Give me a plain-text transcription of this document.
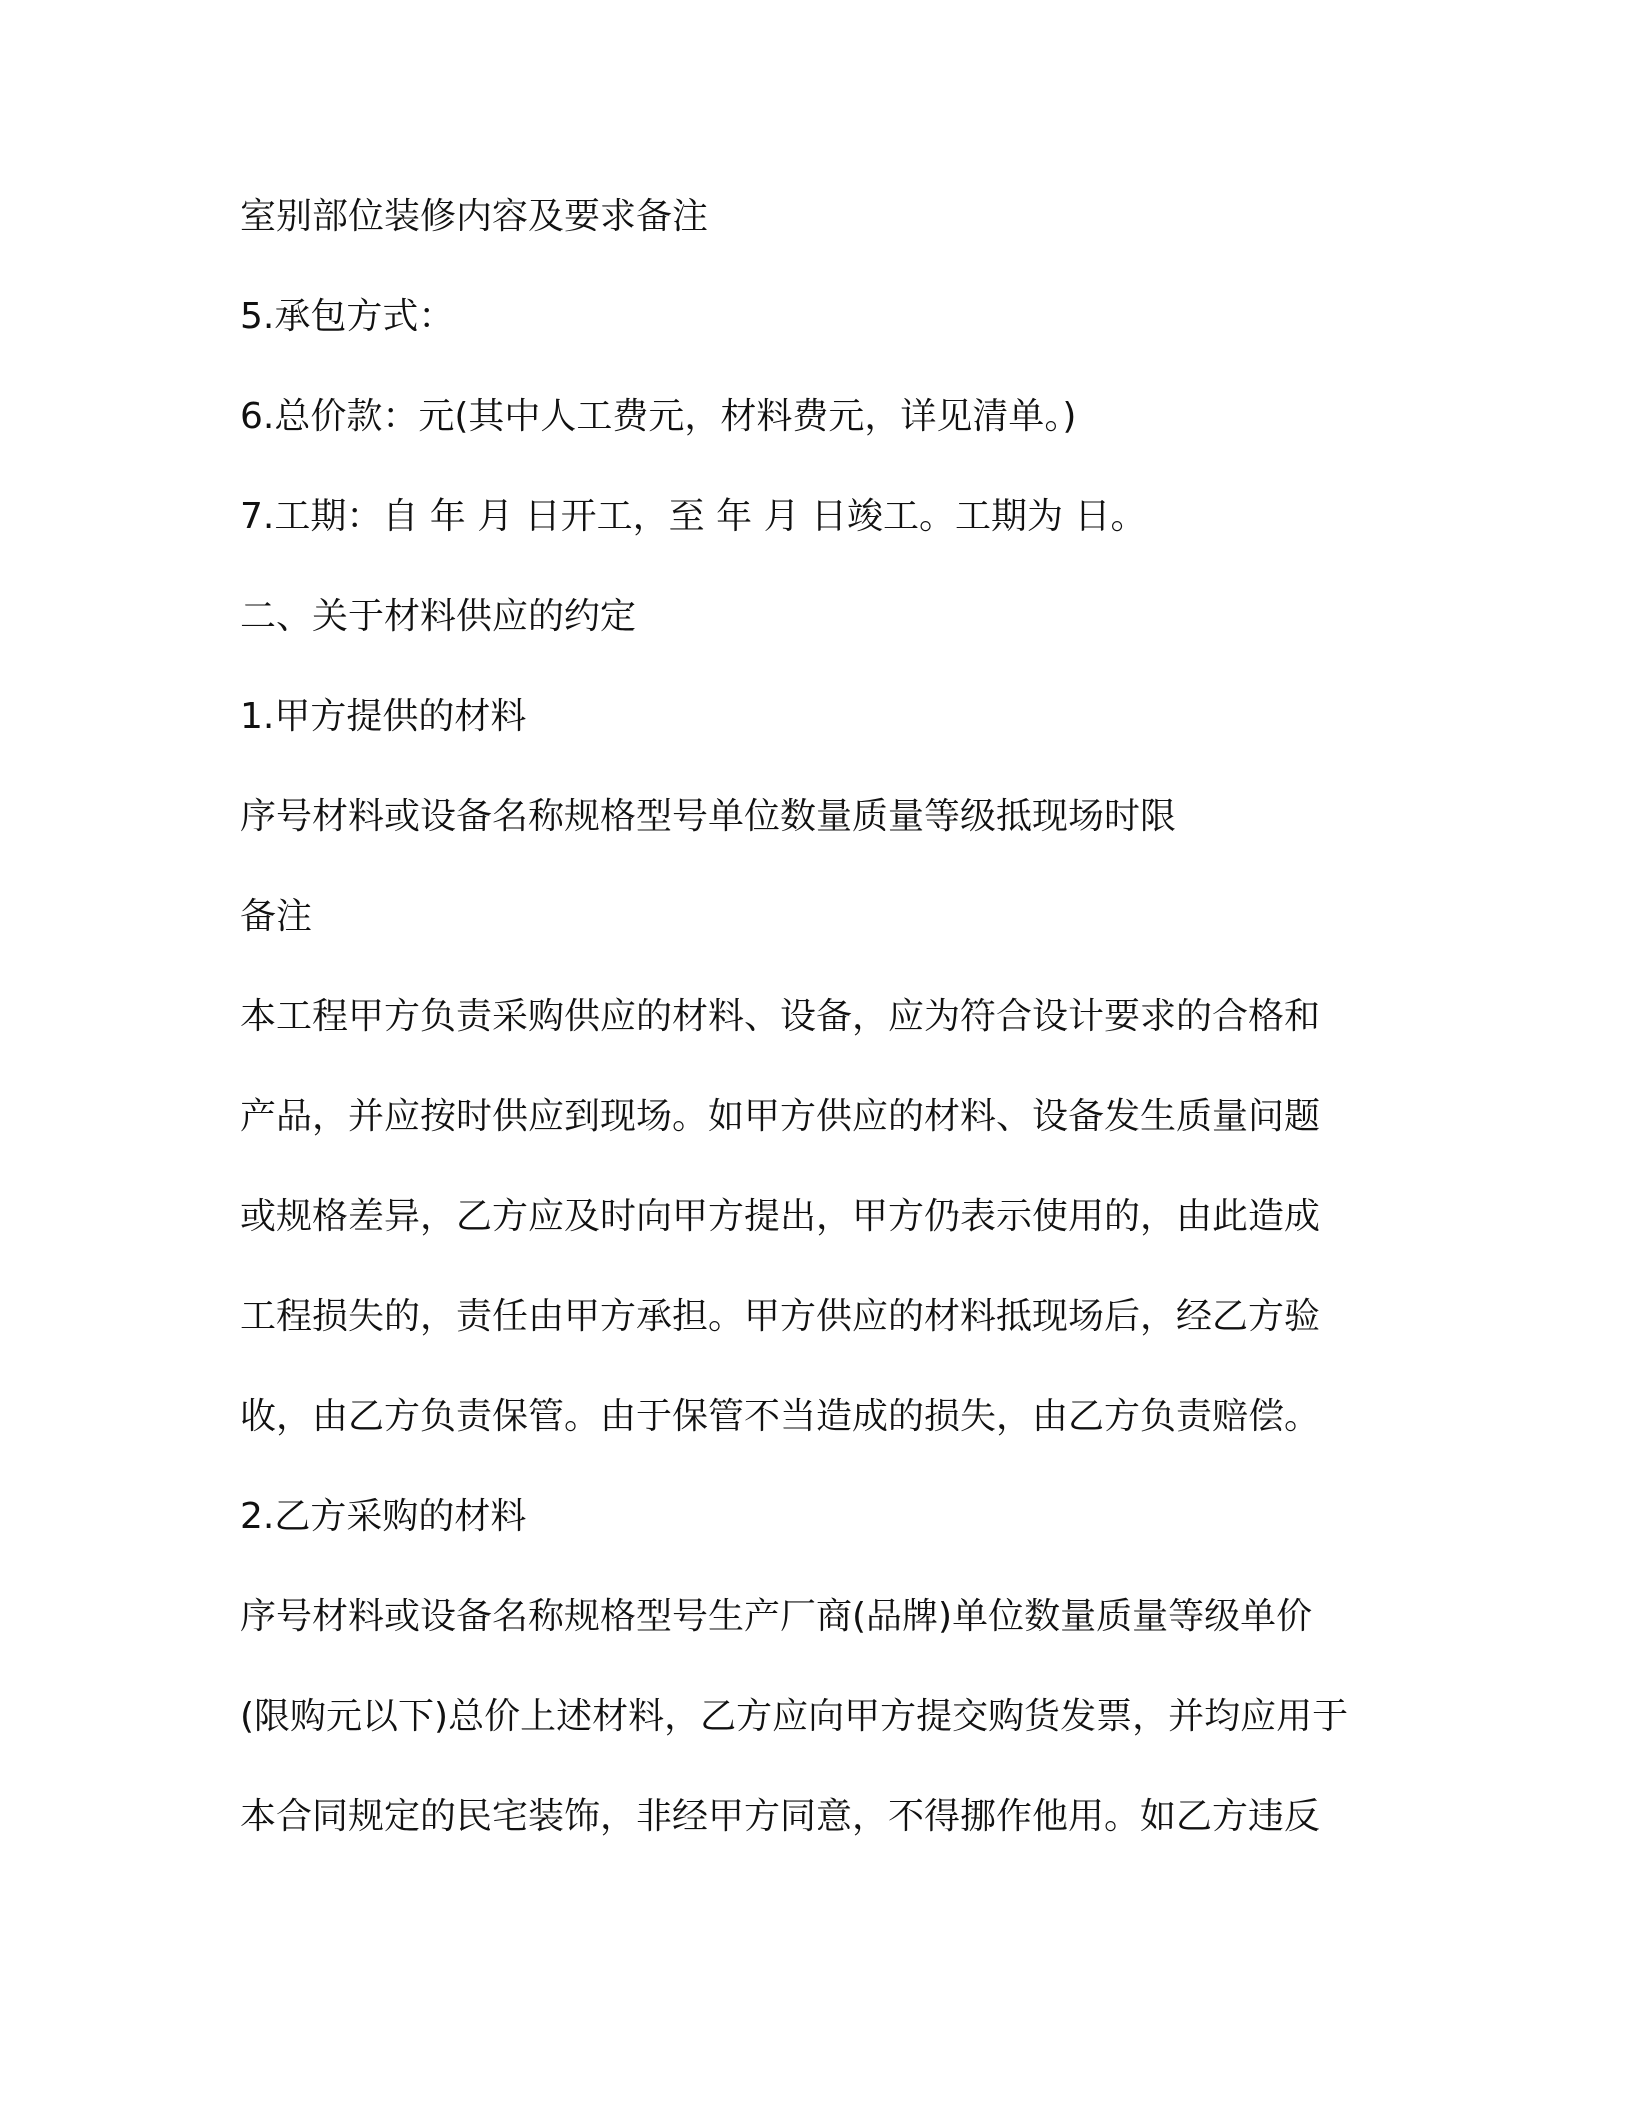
室别部位装修内容及要求备注

5.承包方式：

6.总价款：元(其中人工费元，材料费元，详见清单。)

7.工期：自 年 月 日开工，至 年 月 日竣工。工期为 日。

二、关于材料供应的约定

1.甲方提供的材料

序号材料或设备名称规格型号单位数量质量等级抵现场时限

备注

本工程甲方负责采购供应的材料、设备，应为符合设计要求的合格和

产品，并应按时供应到现场。如甲方供应的材料、设备发生质量问题

或规格差异，乙方应及时向甲方提出，甲方仍表示使用的，由此造成

工程损失的，责任由甲方承担。甲方供应的材料抵现场后，经乙方验

收，由乙方负责保管。由于保管不当造成的损失，由乙方负责赔偿。

2.乙方采购的材料

序号材料或设备名称规格型号生产厂商(品牌)单位数量质量等级单价

(限购元以下)总价上述材料，乙方应向甲方提交购货发票，并均应用于

本合同规定的民宅装饰，非经甲方同意，不得挪作他用。如乙方违反
